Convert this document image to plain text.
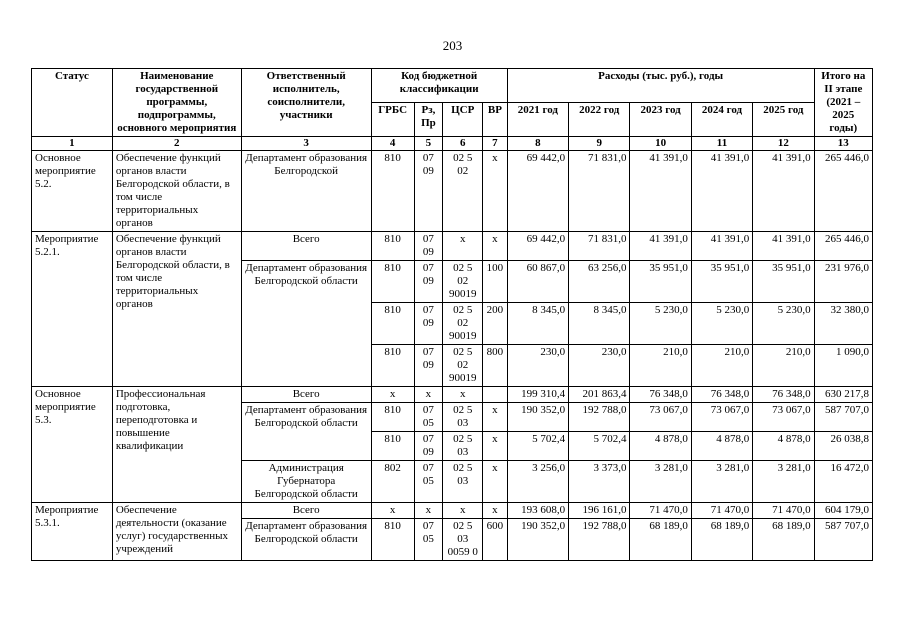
203
Статус	Наименование государственной программы, подпрограммы, основного мероприятия	Ответственный исполнитель, соисполнители, участники	Код бюджетной классификации				Расходы (тыс. руб.), годы					Итого на II этапе (2021 – 2025 годы)
			ГРБС	Рз, Пр	ЦСР	ВР	2021 год	2022 год	2023 год	2024 год	2025 год	
1	2	3	4	5	6	7	8	9	10	11	12	13
Основное мероприятие 5.2.	Обеспечение функций органов власти Белгородской области, в том числе территориальных органов	Департамент образования Белгородской	810	07 09	02 5 02	х	69 442,0	71 831,0	41 391,0	41 391,0	41 391,0	265 446,0
Мероприятие 5.2.1.	Обеспечение функций органов власти Белгородской области, в том числе территориальных органов	Всего	810	07 09	х	х	69 442,0	71 831,0	41 391,0	41 391,0	41 391,0	265 446,0
		Департамент образования Белгородской области	810	07 09	02 5 02 90019	100	60 867,0	63 256,0	35 951,0	35 951,0	35 951,0	231 976,0
			810	07 09	02 5 02 90019	200	8 345,0	8 345,0	5 230,0	5 230,0	5 230,0	32 380,0
			810	07 09	02 5 02 90019	800	230,0	230,0	210,0	210,0	210,0	1 090,0
Основное мероприятие 5.3.	Профессиональная подготовка, переподготовка и повышение квалификации	Всего	х	х	х		199 310,4	201 863,4	76 348,0	76 348,0	76 348,0	630 217,8
		Департамент образования Белгородской области	810	07 05	02 5 03	х	190 352,0	192 788,0	73 067,0	73 067,0	73 067,0	587 707,0
			810	07 09	02 5 03	х	5 702,4	5 702,4	4 878,0	4 878,0	4 878,0	26 038,8
		Администрация Губернатора Белгородской области	802	07 05	02 5 03	х	3 256,0	3 373,0	3 281,0	3 281,0	3 281,0	16 472,0
Мероприятие 5.3.1.	Обеспечение деятельности (оказание услуг) государственных учреждений	Всего	х	х	х	х	193 608,0	196 161,0	71 470,0	71 470,0	71 470,0	604 179,0
		Департамент образования Белгородской области	810	07 05	02 5 03 0059 0	600	190 352,0	192 788,0	68 189,0	68 189,0	68 189,0	587 707,0
